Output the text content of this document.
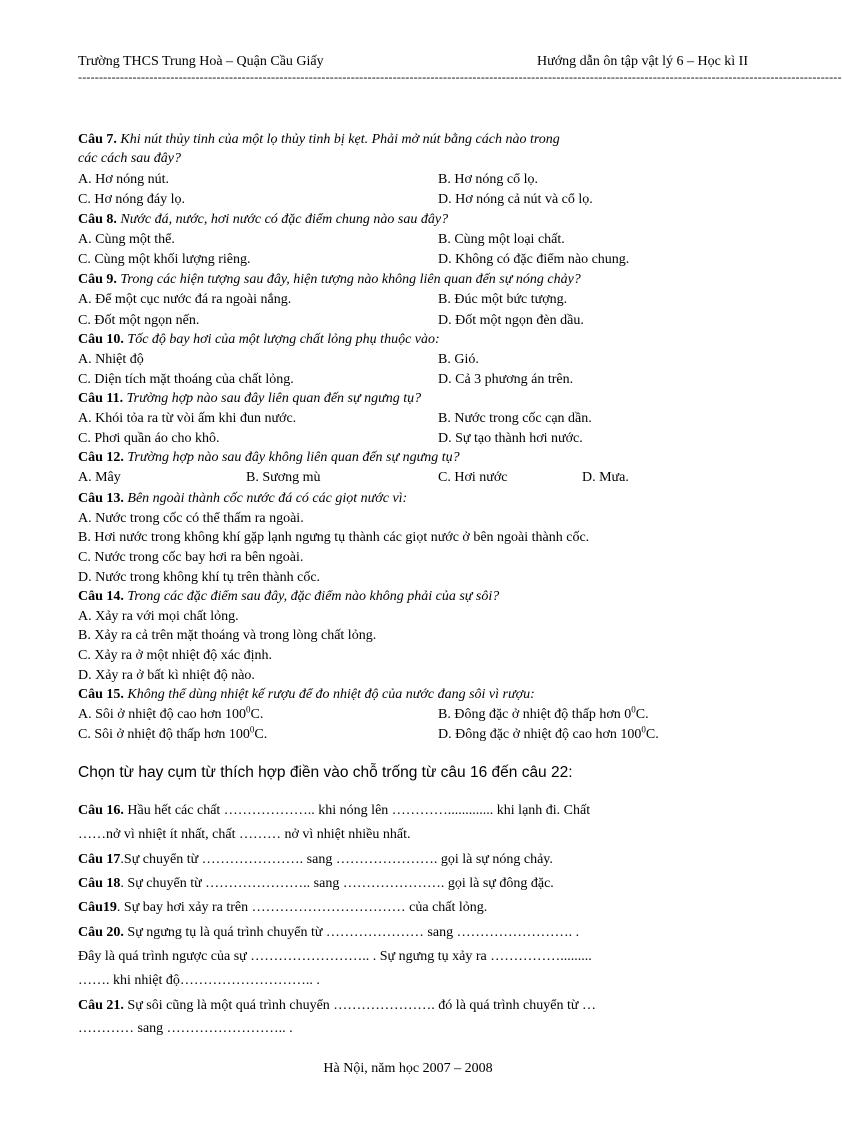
Trường THCS Trung Hoà – Quận Cầu Giấy	Hướng dẫn ôn tập vật lý 6 – Học kì II
--------------------------------------------------------------------------------------------------------------------------------------------------------------------------------------
Câu 7. Khi nút thủy tinh của một lọ thủy tinh bị kẹt. Phải mở nút bằng cách nào trong
các cách sau đây?
A. Hơ nóng nút.	B. Hơ nóng cổ lọ.
C. Hơ nóng đáy lọ.	D. Hơ nóng cả nút và cổ lọ.
Câu 8. Nước đá, nước, hơi nước có đặc điểm chung nào sau đây?
A. Cùng một thể.	B. Cùng một loại chất.
C. Cùng một khối lượng riêng.	D. Không có đặc điểm nào chung.
Câu 9. Trong các hiện tượng sau đây, hiện tượng nào không liên quan đến sự nóng chảy?
A. Để một cục nước đá ra ngoài nắng.	B. Đúc một bức tượng.
C. Đốt một ngọn nến.	D. Đốt một ngọn đèn dầu.
Câu 10. Tốc độ bay hơi của một lượng chất lỏng phụ thuộc vào:
A. Nhiệt độ	B. Gió.
C. Diện tích mặt thoáng của chất lỏng.	D. Cả 3 phương án trên.
Câu 11. Trường hợp nào sau đây liên quan đến sự ngưng tụ?
A. Khói tỏa ra từ vòi ấm khi đun nước.	B. Nước trong cốc cạn dần.
C. Phơi quần áo cho khô.	D. Sự tạo thành hơi nước.
Câu 12. Trường hợp nào sau đây không liên quan đến sự ngưng tụ?
A. Mây	B. Sương mù	C. Hơi nước	D. Mưa.
Câu 13. Bên ngoài thành cốc nước đá có các giọt nước vì:
A. Nước trong cốc có thể thấm ra ngoài.
B. Hơi nước trong không khí gặp lạnh ngưng tụ thành các giọt nước ở bên ngoài thành cốc.
C. Nước trong cốc bay hơi ra bên ngoài.
D. Nước trong không khí tụ trên thành cốc.
Câu 14. Trong các đặc điểm sau đây, đặc điểm nào không phải của sự sôi?
A. Xảy ra với mọi chất lỏng.
B. Xảy ra cả trên mặt thoáng và trong lòng chất lỏng.
C. Xảy ra ở một nhiệt độ xác định.
D. Xảy ra ở bất kì nhiệt độ nào.
Câu 15. Không thể dùng nhiệt kế rượu để đo nhiệt độ của nước đang sôi vì rượu:
A. Sôi ở nhiệt độ cao hơn $100^0C$.	B. Đông đặc ở nhiệt độ thấp hơn $0^0C$.
C. Sôi ở nhiệt độ thấp hơn $100^0C$.	D. Đông đặc ở nhiệt độ cao hơn $100^0C$.
Chọn từ hay cụm từ thích hợp điền vào chỗ trống từ câu 16 đến câu 22:
Câu 16. Hầu hết các chất ……………….. khi nóng lên …………............. khi lạnh đi. Chất
……nở vì nhiệt ít nhất, chất ……… nở vì nhiệt nhiều nhất.
Câu 17.Sự chuyển từ …………………. sang …………………. gọi là sự nóng chảy.
Câu 18. Sự chuyển từ ………………….. sang …………………. gọi là sự đông đặc.
Câu19. Sự bay hơi xảy ra trên …………………………… của chất lỏng.
Câu 20. Sự ngưng tụ là quá trình chuyển từ ………………… sang ……………………. .
Đây là quá trình ngược của sự …………………….. . Sự ngưng tụ xảy ra …………….........
……. khi nhiệt độ……………………….. .
Câu 21. Sự sôi cũng là một quá trình chuyển …………………. đó là quá trình chuyển từ …
………… sang …………………….. .
Hà Nội, năm học 2007 – 2008
